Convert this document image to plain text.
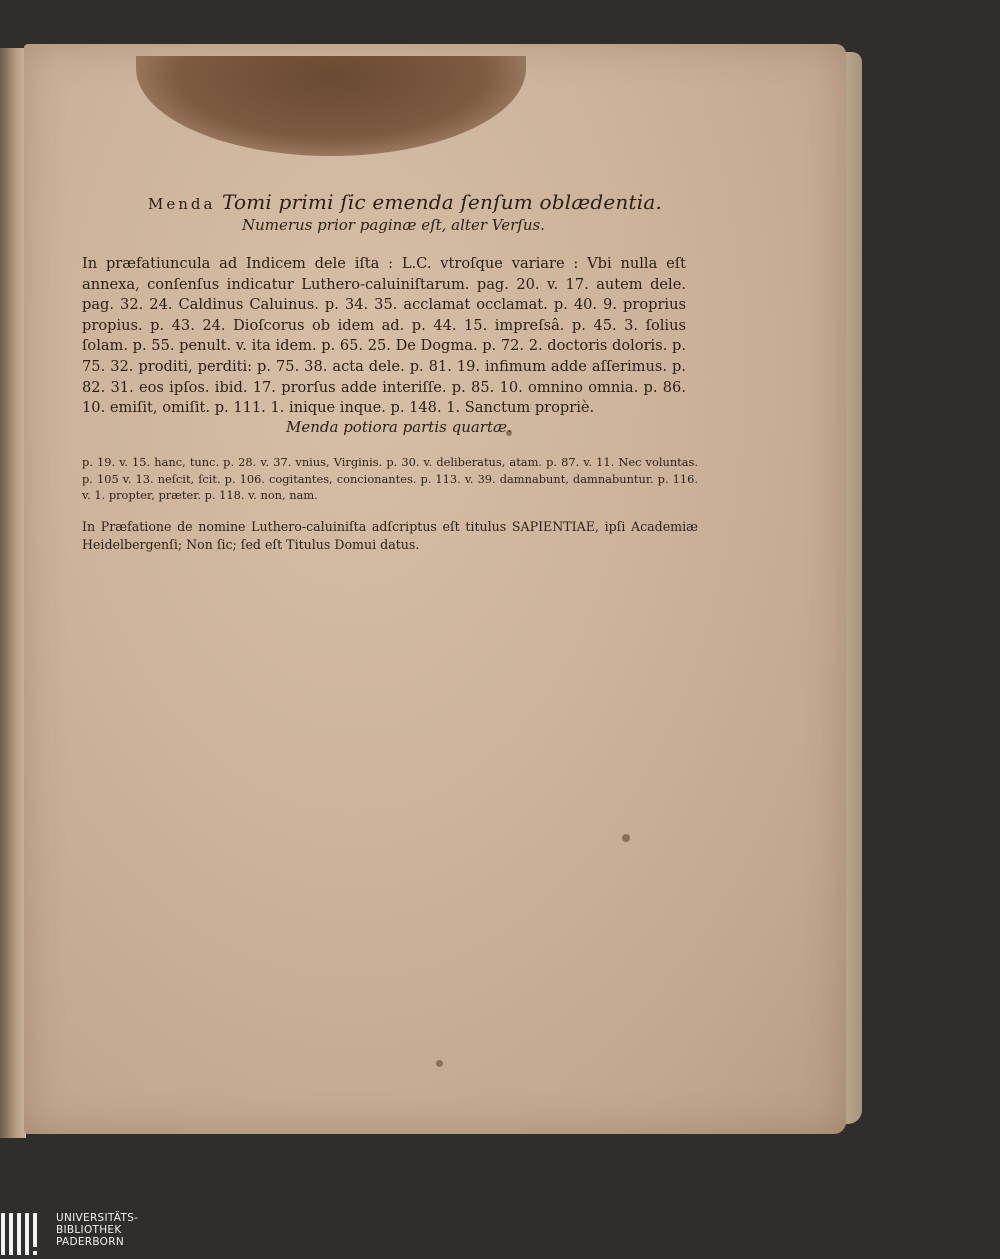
Menda Tomi primi ſic emenda ſenſum oblædentia.
Numerus prior paginæ eſt, alter Verſus.

In præfatiuncula ad Indicem dele iſta : L.C. vtroſque variare : Vbi nulla eſt annexa, conſenſus indicatur Luthero-caluiniſtarum. pag. 20. v. 17. autem dele. pag. 32. 24. Caldinus Caluinus. p. 34. 35. acclamat occlamat. p. 40. 9. proprius propius. p. 43. 24. Dioſcorus ob idem ad. p. 44. 15. impreſsâ. p. 45. 3. ſolius ſolam. p. 55. penult. v. ita idem. p. 65. 25. De Dogma. p. 72. 2. doctoris doloris. p. 75. 32. proditi, perditi: p. 75. 38. acta dele. p. 81. 19. infimum adde aſſerimus. p. 82. 31. eos ipſos. ibid. 17. prorſus adde interiſſe. p. 85. 10. omnino omnia. p. 86. 10. emiſit, omiſit. p. 111. 1. inique inque. p. 148. 1. Sanctum propriè.

Menda potiora partis quartæ.

p. 19. v. 15. hanc, tunc. p. 28. v. 37. vnius, Virginis. p. 30. v. deliberatus, atam. p. 87. v. 11. Nec voluntas. p. 105 v. 13. neſcit, ſcit. p. 106. cogitantes, concionantes. p. 113. v. 39. damnabunt, damnabuntur. p. 116. v. 1. propter, præter. p. 118. v. non, nam.

In Præfatione de nomine Luthero-caluiniſta adſcriptus eſt titulus SAPIENTIAE, ipſi Academiæ Heidelbergenſi; Non ſic; ſed eſt Titulus Domui datus.

UNIVERSITÄTS-
BIBLIOTHEK
PADERBORN
